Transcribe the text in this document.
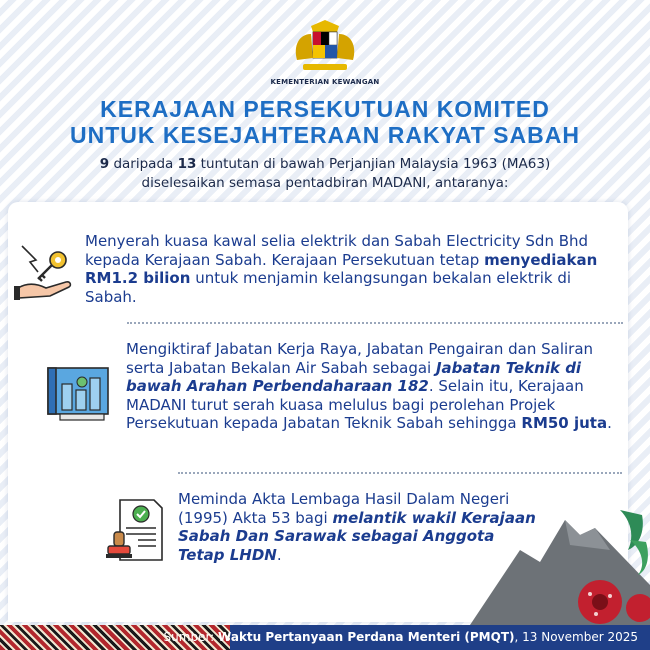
KEMENTERIAN KEWANGAN
KERAJAAN PERSEKUTUAN KOMITED
UNTUK KESEJAHTERAAN RAKYAT SABAH
9 daripada 13 tuntutan di bawah Perjanjian Malaysia 1963 (MA63)
diselesaikan semasa pentadbiran MADANI, antaranya:
Menyerah kuasa kawal selia elektrik dan Sabah Electricity Sdn Bhd kepada Kerajaan Sabah. Kerajaan Persekutuan tetap menyediakan RM1.2 bilion untuk menjamin kelangsungan bekalan elektrik di Sabah.
Mengiktiraf Jabatan Kerja Raya, Jabatan Pengairan dan Saliran serta Jabatan Bekalan Air Sabah sebagai Jabatan Teknik di bawah Arahan Perbendaharaan 182. Selain itu, Kerajaan MADANI turut serah kuasa melulus bagi perolehan Projek Persekutuan kepada Jabatan Teknik Sabah sehingga RM50 juta.
Meminda Akta Lembaga Hasil Dalam Negeri (1995) Akta 53 bagi melantik wakil Kerajaan Sabah Dan Sarawak sebagai Anggota Tetap LHDN.
Sumber: Waktu Pertanyaan Perdana Menteri (PMQT), 13 November 2025
